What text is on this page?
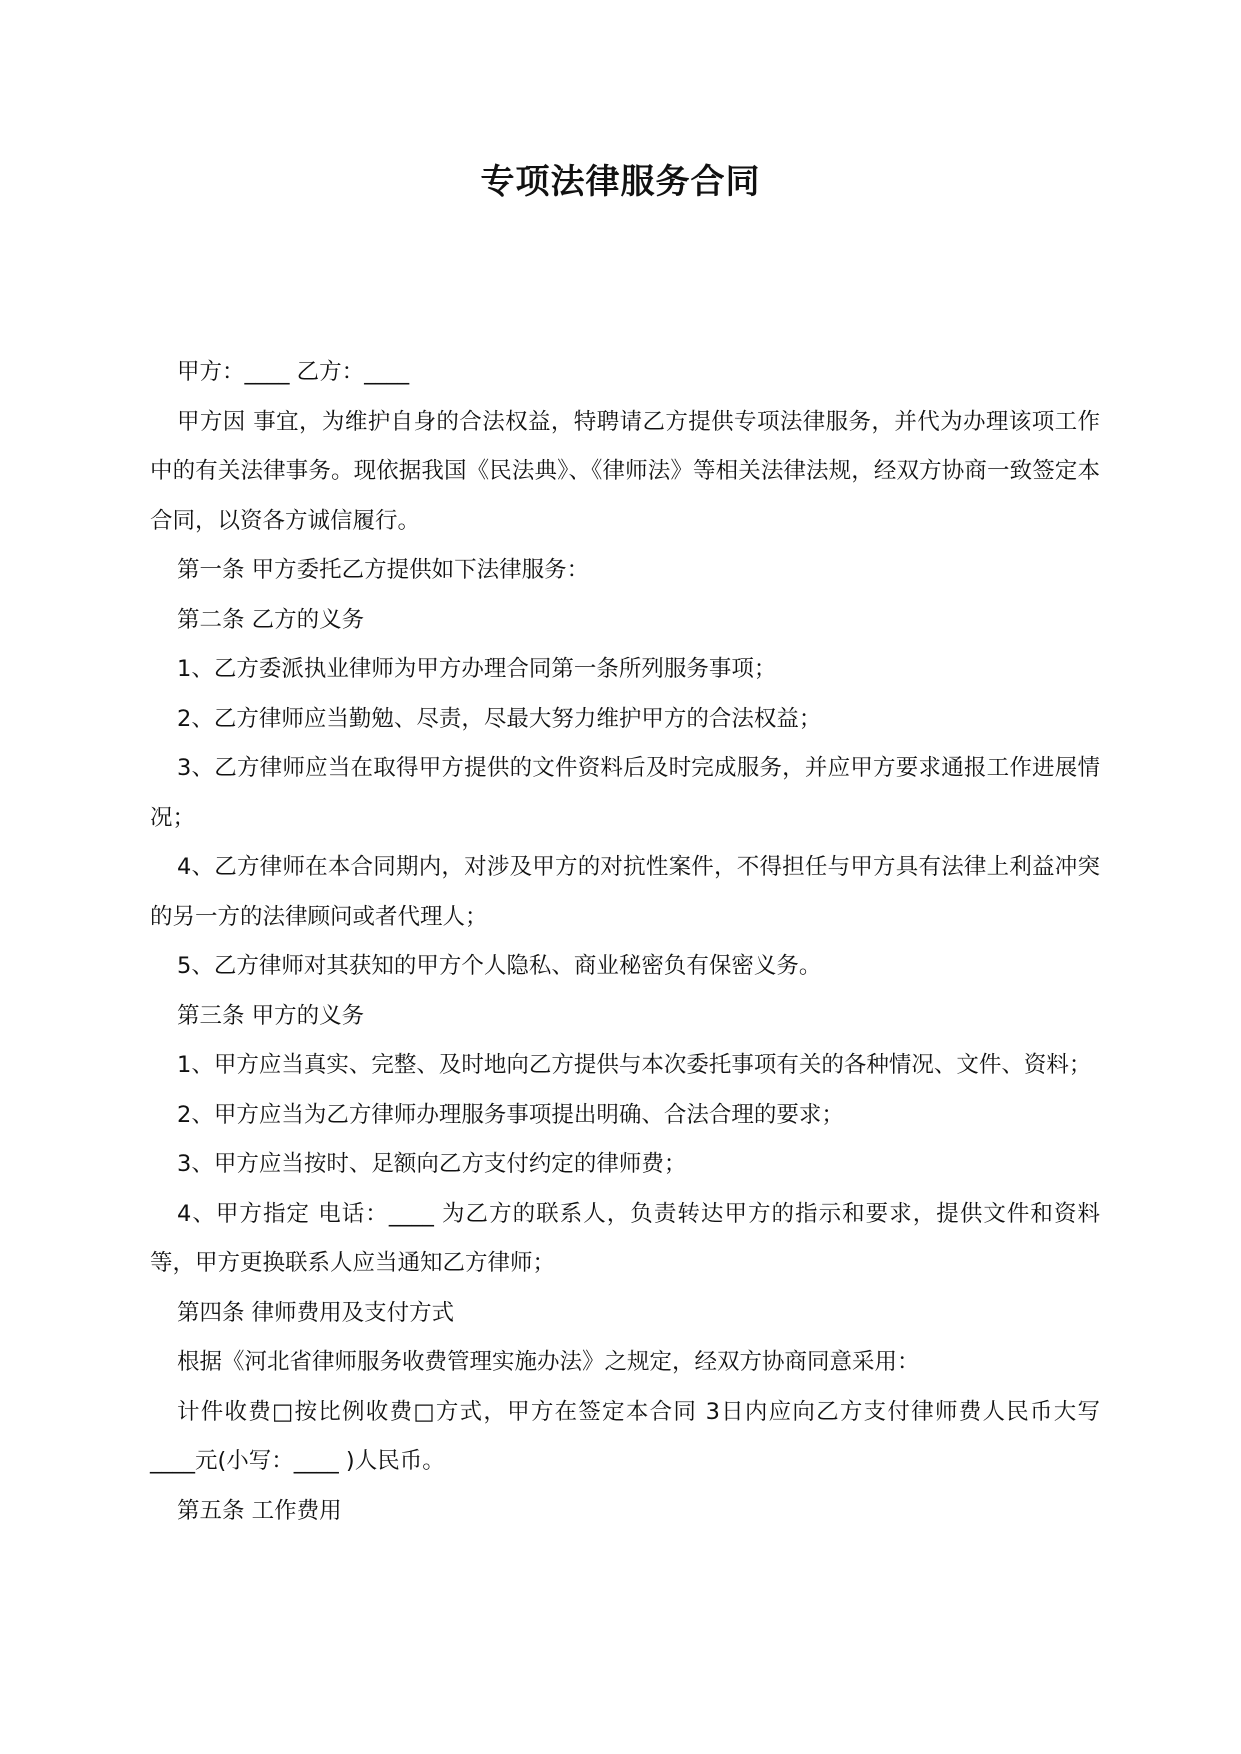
专项法律服务合同

甲方：____ 乙方：____

甲方因 事宜，为维护自身的合法权益，特聘请乙方提供专项法律服务，并代为办理该项工作中的有关法律事务。现依据我国《民法典》、《律师法》等相关法律法规，经双方协商一致签定本合同，以资各方诚信履行。

第一条 甲方委托乙方提供如下法律服务：

第二条 乙方的义务

1、乙方委派执业律师为甲方办理合同第一条所列服务事项；

2、乙方律师应当勤勉、尽责，尽最大努力维护甲方的合法权益；

3、乙方律师应当在取得甲方提供的文件资料后及时完成服务，并应甲方要求通报工作进展情况；

4、乙方律师在本合同期内，对涉及甲方的对抗性案件，不得担任与甲方具有法律上利益冲突的另一方的法律顾问或者代理人；

5、乙方律师对其获知的甲方个人隐私、商业秘密负有保密义务。

第三条 甲方的义务

1、甲方应当真实、完整、及时地向乙方提供与本次委托事项有关的各种情况、文件、资料；

2、甲方应当为乙方律师办理服务事项提出明确、合法合理的要求；

3、甲方应当按时、足额向乙方支付约定的律师费；

4、甲方指定 电话：____ 为乙方的联系人，负责转达甲方的指示和要求，提供文件和资料等，甲方更换联系人应当通知乙方律师；

第四条 律师费用及支付方式

根据《河北省律师服务收费管理实施办法》之规定，经双方协商同意采用：

计件收费□按比例收费□方式，甲方在签定本合同 3日内应向乙方支付律师费人民币大写 ____元(小写：____ )人民币。

第五条 工作费用
